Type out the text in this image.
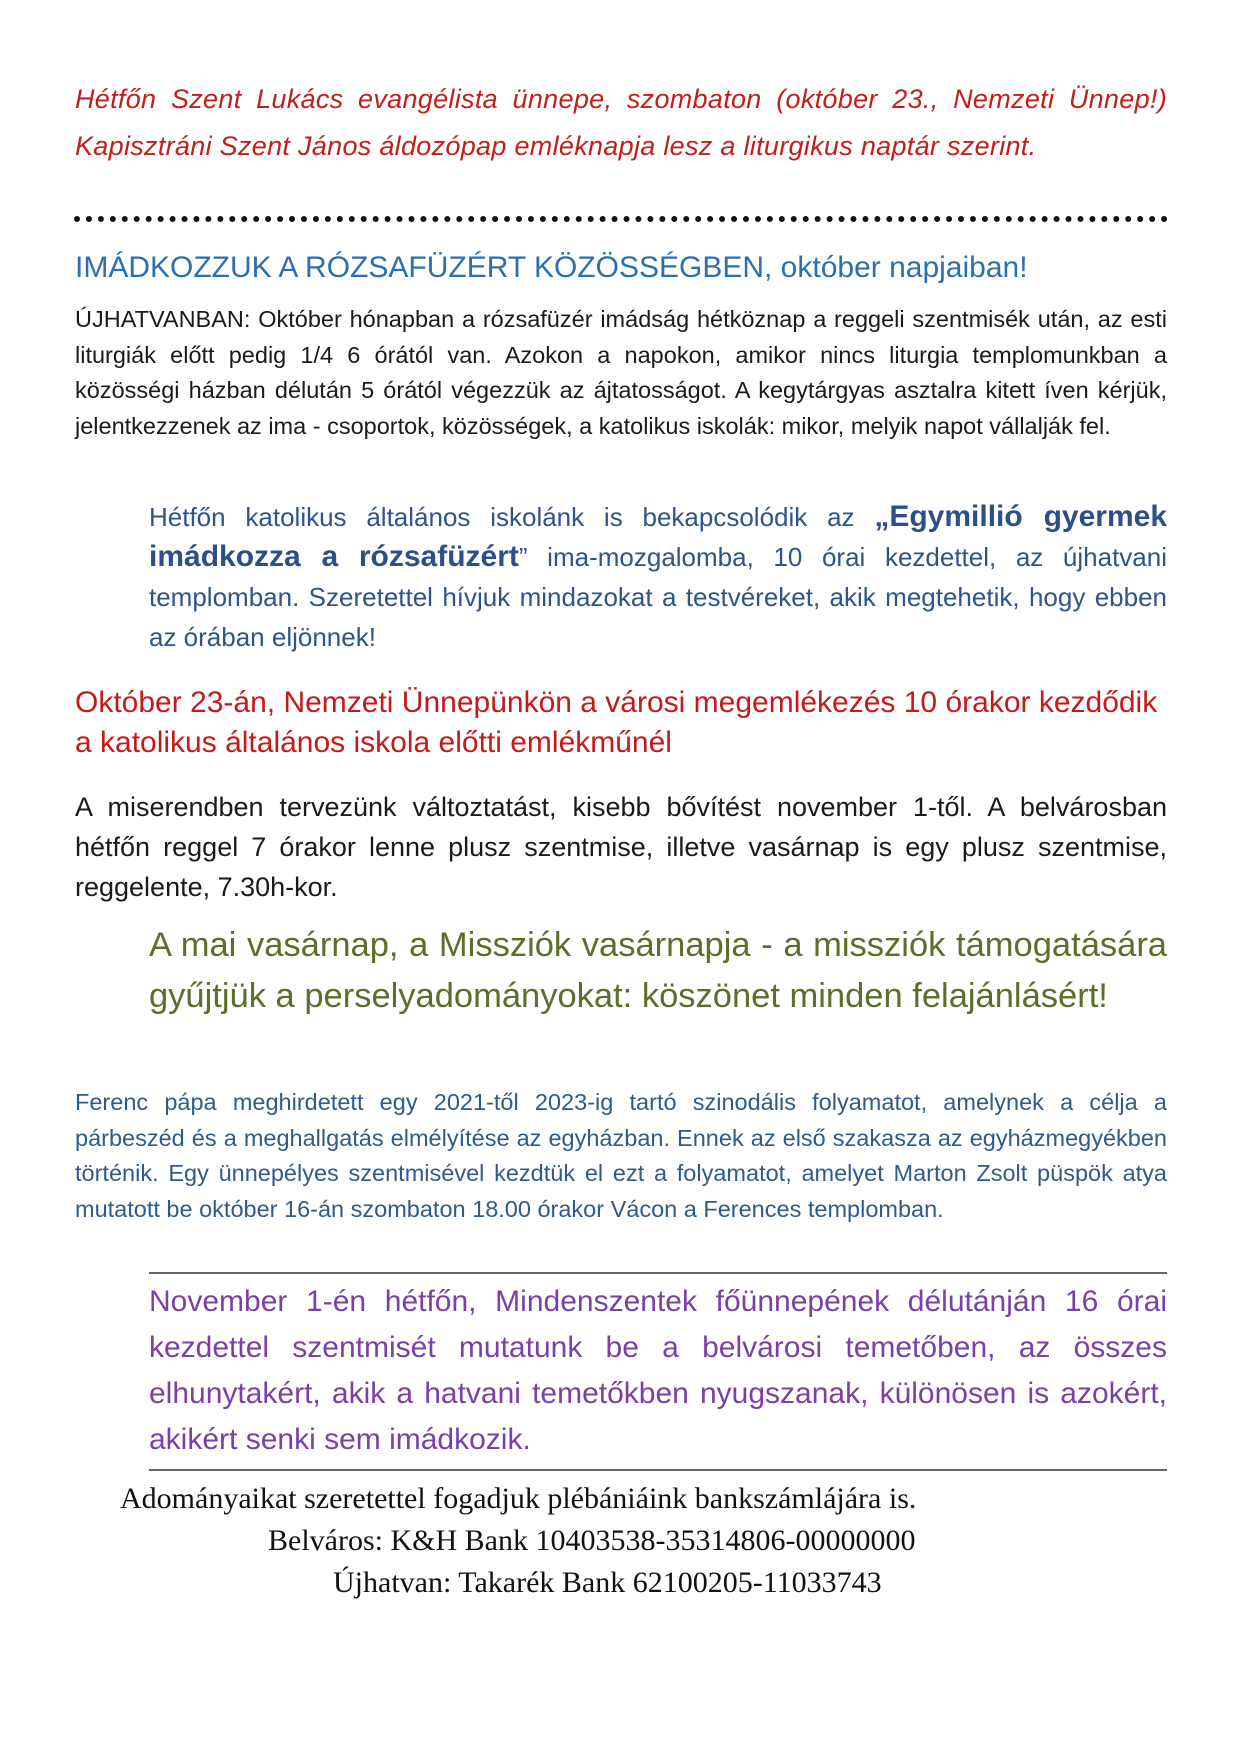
Hétfőn Szent Lukács evangélista ünnepe, szombaton (október 23., Nemzeti Ünnep!) Kapisztráni Szent János áldozópap emléknapja lesz a liturgikus naptár szerint.

IMÁDKOZZUK A RÓZSAFÜZÉRT KÖZÖSSÉGBEN, október napjaiban!

ÚJHATVANBAN: Október hónapban a rózsafüzér imádság hétköznap a reggeli szentmisék után, az esti liturgiák előtt pedig 1/4 6 órától van. Azokon a napokon, amikor nincs liturgia templomunkban a közösségi házban délután 5 órától végezzük az ájtatosságot. A kegytárgyas asztalra kitett íven kérjük, jelentkezzenek az ima - csoportok, közösségek, a katolikus iskolák: mikor, melyik napot vállalják fel.

Hétfőn katolikus általános iskolánk is bekapcsolódik az „Egymillió gyermek imádkozza a rózsafüzért” ima-mozgalomba, 10 órai kezdettel, az újhatvani templomban. Szeretettel hívjuk mindazokat a testvéreket, akik megtehetik, hogy ebben az órában eljönnek!

Október 23-án, Nemzeti Ünnepünkön a városi megemlékezés 10 órakor kezdődik a katolikus általános iskola előtti emlékműnél

A miserendben tervezünk változtatást, kisebb bővítést november 1-től. A belvárosban hétfőn reggel 7 órakor lenne plusz szentmise, illetve vasárnap is egy plusz szentmise, reggelente, 7.30h-kor.

A mai vasárnap, a Missziók vasárnapja - a missziók támogatására gyűjtjük a perselyadományokat: köszönet minden felajánlásért!

Ferenc pápa meghirdetett egy 2021-től 2023-ig tartó szinodális folyamatot, amelynek a célja a párbeszéd és a meghallgatás elmélyítése az egyházban. Ennek az első szakasza az egyházmegyékben történik. Egy ünnepélyes szentmisével kezdtük el ezt a folyamatot, amelyet Marton Zsolt püspök atya mutatott be október 16-án szombaton 18.00 órakor Vácon a Ferences templomban.

November 1-én hétfőn, Mindenszentek főünnepének délutánján 16 órai kezdettel szentmisét mutatunk be a belvárosi temetőben, az összes elhunytakért, akik a hatvani temetőkben nyugszanak, különösen is azokért, akikért senki sem imádkozik.

Adományaikat szeretettel fogadjuk plébániáink bankszámlájára is.
Belváros: K&H Bank 10403538-35314806-00000000
Újhatvan: Takarék Bank 62100205-11033743
